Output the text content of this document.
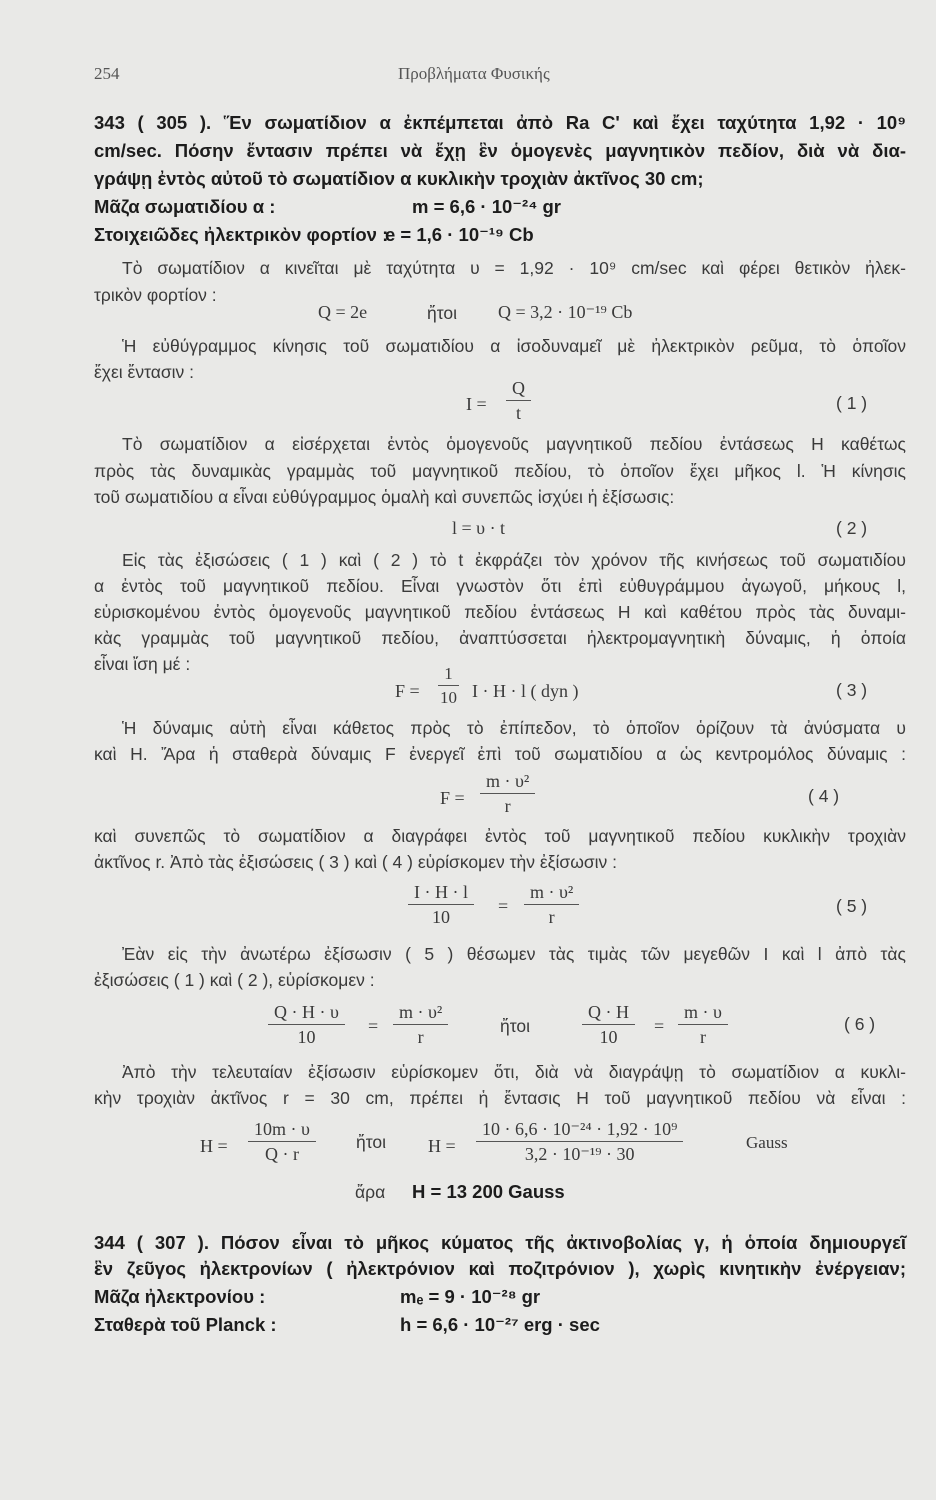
254	Προβλήματα Φυσικής
343 ( 305 ). Ἕν σωματίδιον α ἐκπέμπεται ἀπὸ Ra C' καὶ ἔχει ταχύτητα 1,92 · 10⁹
cm/sec. Πόσην ἔντασιν πρέπει νὰ ἔχῃ ἓν ὁμογενὲς μαγνητικὸν πεδίον, διὰ νὰ δια-
γράψῃ ἐντὸς αὐτοῦ τὸ σωματίδιον α κυκλικὴν τροχιὰν ἀκτῖνος 30 cm;
Μᾶζα σωματιδίου α :	m = 6,6 · 10⁻²⁴ gr
Στοιχειῶδες ἠλεκτρικὸν φορτίον :
e = 1,6 · 10⁻¹⁹ Cb
Τὸ σωματίδιον α κινεῖται μὲ ταχύτητα υ = 1,92 · 10⁹ cm/sec καὶ φέρει θετικὸν ἠλεκ-
τρικὸν φορτίον :
Q = 2e	ἤτοι Q = 3,2 · 10⁻¹⁹ Cb
Ἡ εὐθύγραμμος κίνησις τοῦ σωματιδίου α ἰσοδυναμεῖ μὲ ἠλεκτρικὸν ρεῦμα, τὸ ὁποῖον
ἔχει ἔντασιν :
$I = \frac{Q}{t}$	( 1 )
Τὸ σωματίδιον α εἰσέρχεται ἐντὸς ὁμογενοῦς μαγνητικοῦ πεδίου ἐντάσεως Η καθέτως
πρὸς τὰς δυναμικὰς γραμμὰς τοῦ μαγνητικοῦ πεδίου, τὸ ὁποῖον ἔχει μῆκος l. Ἡ κίνησις
τοῦ σωματιδίου α εἶναι εὐθύγραμμος ὁμαλὴ καὶ συνεπῶς ἰσχύει ἡ ἐξίσωσις:
l = υ · t	( 2 )
Εἰς τὰς ἐξισώσεις ( 1 ) καὶ ( 2 ) τὸ t ἐκφράζει τὸν χρόνον τῆς κινήσεως τοῦ σωματιδίου
α ἐντὸς τοῦ μαγνητικοῦ πεδίου. Εἶναι γνωστὸν ὅτι ἐπὶ εὐθυγράμμου ἀγωγοῦ, μήκους l,
εὑρισκομένου ἐντὸς ὁμογενοῦς μαγνητικοῦ πεδίου ἐντάσεως Η καὶ καθέτου πρὸς τὰς δυναμι-
κὰς γραμμὰς τοῦ μαγνητικοῦ πεδίου, ἀναπτύσσεται ἠλεκτρομαγνητικὴ δύναμις, ἡ ὁποία
εἶναι ἴση μέ :
$F = \frac{1}{10}$ I · H · l ( dyn )	( 3 )
Ἡ δύναμις αὐτὴ εἶναι κάθετος πρὸς τὸ ἐπίπεδον, τὸ ὁποῖον ὁρίζουν τὰ ἀνύσματα υ
καὶ Η. Ἄρα ἡ σταθερὰ δύναμις F ἐνεργεῖ ἐπὶ τοῦ σωματιδίου α ὡς κεντρομόλος δύναμις :
$F = \frac{\text{m · υ²}}{r}$	( 4 )
καὶ συνεπῶς τὸ σωματίδιον α διαγράφει ἐντὸς τοῦ μαγνητικοῦ πεδίου κυκλικὴν τροχιὰν
ἀκτῖνος r. Ἀπὸ τὰς ἐξισώσεις ( 3 ) καὶ ( 4 ) εὑρίσκομεν τὴν ἐξίσωσιν :
$\frac{I \cdot H \cdot l}{10} = \frac{\text{m · υ²}}{r}$	( 5 )
Ἐὰν εἰς τὴν ἀνωτέρω ἐξίσωσιν ( 5 ) θέσωμεν τὰς τιμὰς τῶν μεγεθῶν I καὶ l ἀπὸ τὰς
ἐξισώσεις ( 1 ) καὶ ( 2 ), εὑρίσκομεν :
$\frac{Q \cdot H \cdot \upsilon}{10} = \frac{\text{m · υ²}}{r}$	ἤτοι	$\frac{Q \cdot H}{10} = \frac{m \cdot \upsilon}{r}$	( 6 )
Ἀπὸ τὴν τελευταίαν ἐξίσωσιν εὑρίσκομεν ὅτι, διὰ νὰ διαγράψῃ τὸ σωματίδιον α κυκλι-
κὴν τροχιὰν ἀκτῖνος r = 30 cm, πρέπει ἡ ἔντασις Η τοῦ μαγνητικοῦ πεδίου νὰ εἶναι :
$H = \frac{10m \cdot \upsilon}{Q \cdot r}$ ἤτοι $H = \frac{\text{10 · 6,6 · 10⁻²⁴ · 1,92 · 10⁹}}{\text{3,2 · 10⁻¹⁹ · 30}}$	Gauss
ἄρα H = 13 200 Gauss
344 ( 307 ). Πόσον εἶναι τὸ μῆκος κύματος τῆς ἀκτινοβολίας γ, ἡ ὁποία δημιουργεῖ
ἓν ζεῦγος ἠλεκτρονίων ( ἠλεκτρόνιον καὶ ποζιτρόνιον ), χωρὶς κινητικὴν ἐνέργειαν;
Μᾶζα ἠλεκτρονίου :	mₑ = 9 · 10⁻²⁸ gr
Σταθερὰ τοῦ Planck :	h = 6,6 · 10⁻²⁷ erg · sec
